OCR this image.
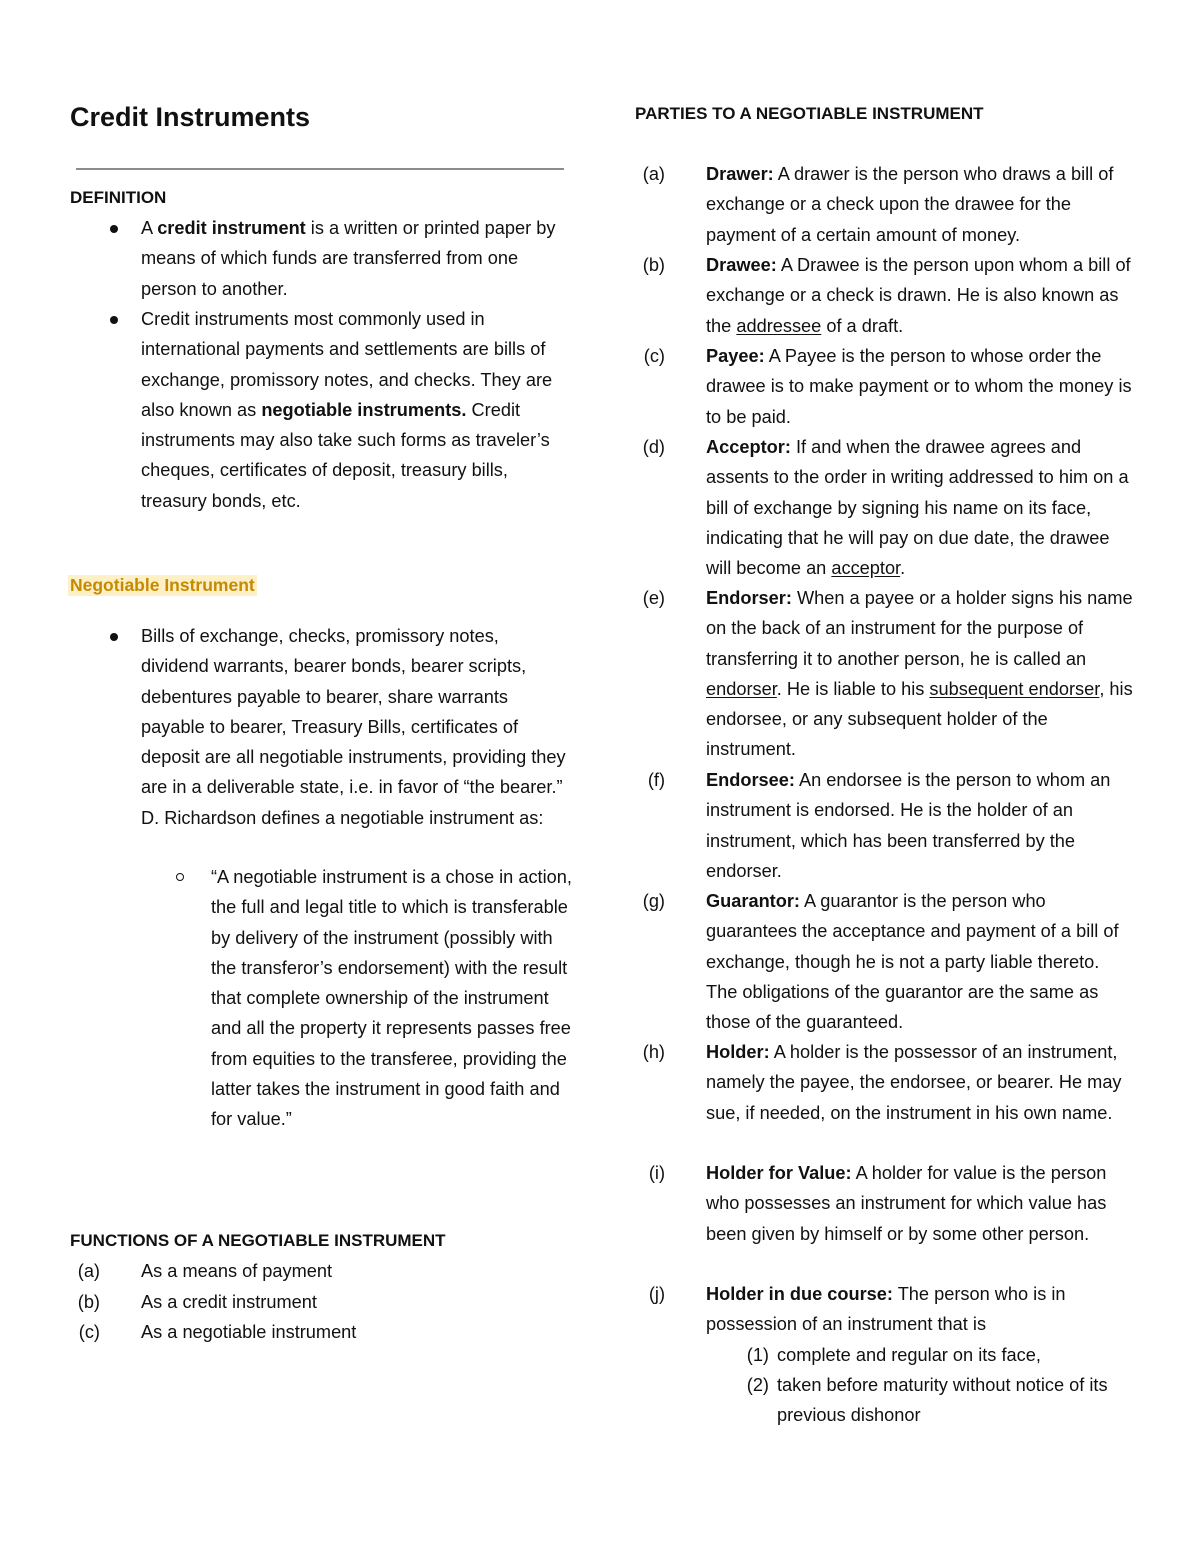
Credit Instruments
DEFINITION
A credit instrument is a written or printed paper by means of which funds are transferred from one person to another.
Credit instruments most commonly used in international payments and settlements are bills of exchange, promissory notes, and checks. They are also known as negotiable instruments. Credit instruments may also take such forms as traveler’s cheques, certificates of deposit, treasury bills, treasury bonds, etc.
Negotiable Instrument
Bills of exchange, checks, promissory notes, dividend warrants, bearer bonds, bearer scripts, debentures payable to bearer, share warrants payable to bearer, Treasury Bills, certificates of deposit are all negotiable instruments, providing they are in a deliverable state, i.e. in favor of “the bearer.” D. Richardson defines a negotiable instrument as:
“A negotiable instrument is a chose in action, the full and legal title to which is transferable by delivery of the instrument (possibly with the transferor’s endorsement) with the result that complete ownership of the instrument and all the property it represents passes free from equities to the transferee, providing the latter takes the instrument in good faith and for value.”
FUNCTIONS OF A NEGOTIABLE INSTRUMENT
(a) As a means of payment
(b) As a credit instrument
(c) As a negotiable instrument
PARTIES TO A NEGOTIABLE INSTRUMENT
(a) Drawer: A drawer is the person who draws a bill of exchange or a check upon the drawee for the payment of a certain amount of money.
(b) Drawee: A Drawee is the person upon whom a bill of exchange or a check is drawn. He is also known as the addressee of a draft.
(c) Payee: A Payee is the person to whose order the drawee is to make payment or to whom the money is to be paid.
(d) Acceptor: If and when the drawee agrees and assents to the order in writing addressed to him on a bill of exchange by signing his name on its face, indicating that he will pay on due date, the drawee will become an acceptor.
(e) Endorser: When a payee or a holder signs his name on the back of an instrument for the purpose of transferring it to another person, he is called an endorser. He is liable to his subsequent endorser, his endorsee, or any subsequent holder of the instrument.
(f) Endorsee: An endorsee is the person to whom an instrument is endorsed. He is the holder of an instrument, which has been transferred by the endorser.
(g) Guarantor: A guarantor is the person who guarantees the acceptance and payment of a bill of exchange, though he is not a party liable thereto. The obligations of the guarantor are the same as those of the guaranteed.
(h) Holder: A holder is the possessor of an instrument, namely the payee, the endorsee, or bearer. He may sue, if needed, on the instrument in his own name.
(i) Holder for Value: A holder for value is the person who possesses an instrument for which value has been given by himself or by some other person.
(j) Holder in due course: The person who is in possession of an instrument that is
(1) complete and regular on its face,
(2) taken before maturity without notice of its previous dishonor
